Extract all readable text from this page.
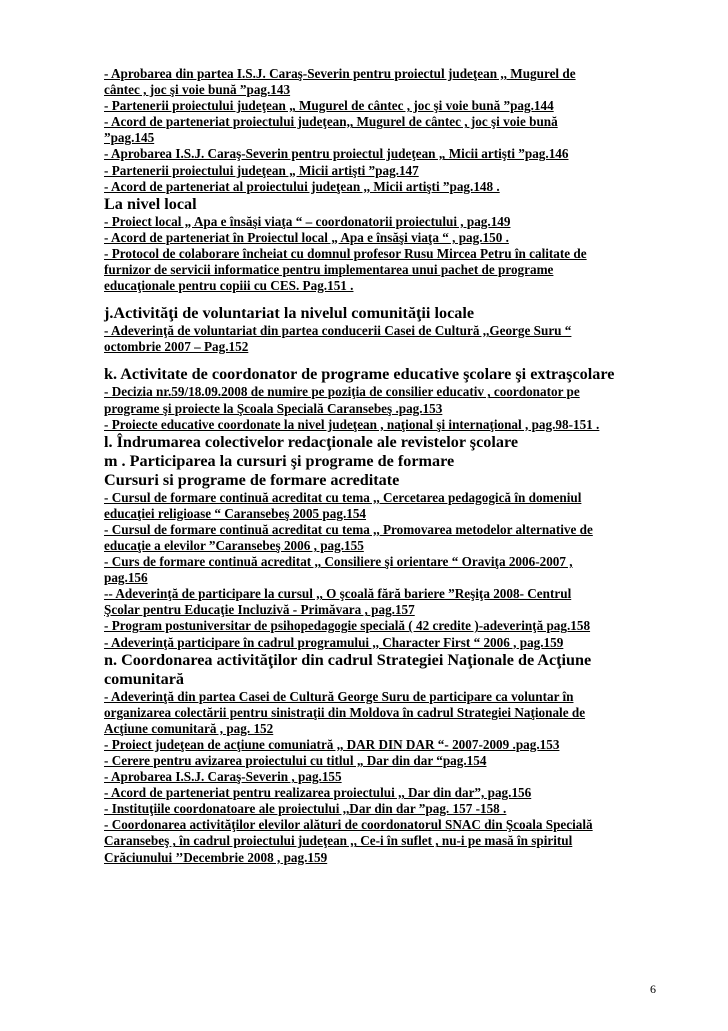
- Aprobarea din partea I.S.J. Caraş-Severin pentru proiectul judeţean ,, Mugurel de
cântec , joc şi voie bună ”pag.143
- Partenerii proiectului judeţean „ Mugurel de cântec , joc şi voie bună ”pag.144
- Acord de parteneriat proiectului judeţean,, Mugurel de cântec , joc şi voie bună
”pag.145
- Aprobarea I.S.J. Caraş-Severin pentru proiectul judeţean „ Micii artişti ”pag.146
- Partenerii proiectului judeţean „ Micii artişti ”pag.147
- Acord de parteneriat al proiectului judeţean ,, Micii artişti ”pag.148 .
La nivel local
- Proiect local „ Apa e însăşi viaţa “ – coordonatorii proiectului , pag.149
- Acord de parteneriat în Proiectul local „ Apa e însăşi viaţa “ , pag.150 .
- Protocol de colaborare încheiat cu domnul profesor Rusu Mircea Petru în calitate de
furnizor de servicii informatice pentru implementarea unui pachet de programe
educaţionale pentru copiii cu CES. Pag.151 .
j.Activităţi de voluntariat la nivelul comunităţii locale
- Adeverinţă de voluntariat din partea conducerii Casei de Cultură ,,George Suru “
octombrie 2007 – Pag.152
k. Activitate de coordonator de programe educative şcolare şi extraşcolare
- Decizia nr.59/18.09.2008 de numire pe poziţia de consilier educativ , coordonator pe
programe şi proiecte la Şcoala Specială Caransebeş .pag.153
- Proiecte educative coordonate la nivel judeţean , naţional şi internaţional , pag.98-151 .
l. Îndrumarea colectivelor redacţionale ale revistelor şcolare
m . Participarea la cursuri şi programe de formare
Cursuri si programe de formare acreditate
- Cursul de formare continuă acreditat cu tema ,, Cercetarea pedagogică în domeniul
educaţiei religioase “ Caransebeş 2005 pag.154
- Cursul de formare continuă acreditat cu tema ,, Promovarea metodelor alternative de
educaţie a elevilor ”Caransebeş 2006 , pag.155
- Curs de formare continuă acreditat ,, Consiliere şi orientare “ Oraviţa 2006-2007 ,
pag.156
-- Adeverinţă de participare la cursul ,, O şcoală fără bariere ”Reşiţa 2008- Centrul
Şcolar pentru Educaţie Incluzivă - Primăvara , pag.157
- Program postuniversitar de psihopedagogie specială ( 42 credite )-adeverinţă pag.158
- Adeverinţă participare în cadrul programului ,, Character First “ 2006 , pag.159
n. Coordonarea activităţilor din cadrul Strategiei Naţionale de Acţiune
comunitară
- Adeverinţă din partea Casei de Cultură George Suru de participare ca voluntar în
organizarea colectării pentru sinistraţii din Moldova în cadrul Strategiei Naţionale de
Acţiune comunitară , pag. 152
- Proiect judeţean de acţiune comuniatră ,, DAR DIN DAR “- 2007-2009 .pag.153
- Cerere pentru avizarea proiectului cu titlul „ Dar din dar “pag.154
- Aprobarea I.S.J. Caraş-Severin , pag.155
- Acord de parteneriat pentru realizarea proiectului ,, Dar din dar”, pag.156
- Instituţiile coordonatoare ale proiectului ,,Dar din dar ”pag. 157 -158 .
- Coordonarea activităţilor elevilor alături de coordonatorul SNAC din Şcoala Specială
Caransebeş , în cadrul proiectului judeţean ,, Ce-i în suflet , nu-i pe masă în spiritul
Crăciunului ’’Decembrie 2008 , pag.159
6
